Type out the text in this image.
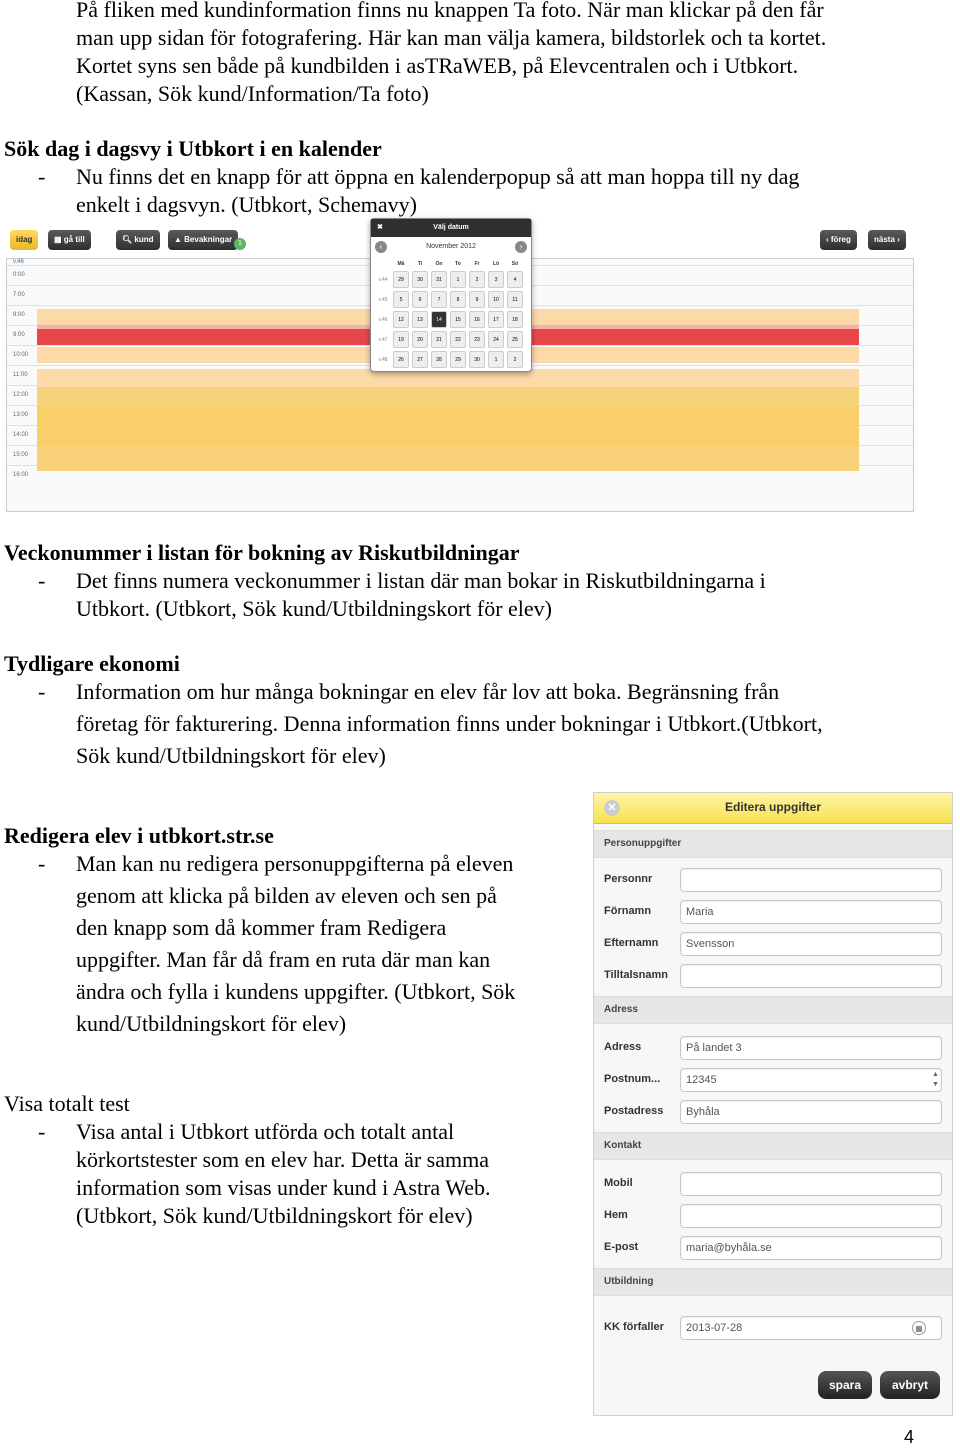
På fliken med kundinformation finns nu knappen Ta foto. När man klickar på den får
man upp sidan för fotografering. Här kan man välja kamera, bildstorlek och ta kortet.
Kortet syns sen både på kundbilden i asTRaWEB, på Elevcentralen och i Utbkort.
(Kassan, Sök kund/Information/Ta foto)
Sök dag i dagsvy i Utbkort i en kalender
- Nu finns det en knapp för att öppna en kalenderpopup så att man hoppa till ny dag
enkelt i dagsvyn. (Utbkort, Schemavy)
idag	▦ gå till	🔍︎ kund	▲ Bevakningar 1	‹ föreg	nästa ›
v.46
0:00
7:00
8:00
9:00
10:00
11:00
12:00
13:00
14:00
15:00
16:00
✖	Välj datum
‹	November 2012	›
	Må	Ti	On	To	Fr	Lö	Sö
v.44	29	30	31	1	2	3	4
v.45	5	6	7	8	9	10	11
v.46	12	13	14	15	16	17	18
v.47	19	20	21	22	23	24	25
v.48	26	27	28	29	30	1	2
Veckonummer i listan för bokning av Riskutbildningar
- Det finns numera veckonummer i listan där man bokar in Riskutbildningarna i
Utbkort. (Utbkort, Sök kund/Utbildningskort för elev)
Tydligare ekonomi
- Information om hur många bokningar en elev får lov att boka. Begränsning från
företag för fakturering. Denna information finns under bokningar i Utbkort.(Utbkort,
Sök kund/Utbildningskort för elev)
Redigera elev i utbkort.str.se
- Man kan nu redigera personuppgifterna på eleven
genom att klicka på bilden av eleven och sen på
den knapp som då kommer fram Redigera
uppgifter. Man får då fram en ruta där man kan
ändra och fylla i kundens uppgifter. (Utbkort, Sök
kund/Utbildningskort för elev)
Visa totalt test
- Visa antal i Utbkort utförda och totalt antal
körkortstester som en elev har. Detta är samma
information som visas under kund i Astra Web.
(Utbkort, Sök kund/Utbildningskort för elev)
✕	Editera uppgifter
Personuppgifter
Personnr
Förnamn	Maria
Efternamn	Svensson
Tilltalsnamn
Adress
Adress	På landet 3
Postnum...	12345	▲
▼
Postadress	Byhåla
Kontakt
Mobil
Hem
E-post	maria@byhåla.se
Utbildning
KK förfaller	2013-07-28	▦
spara	avbryt
4
